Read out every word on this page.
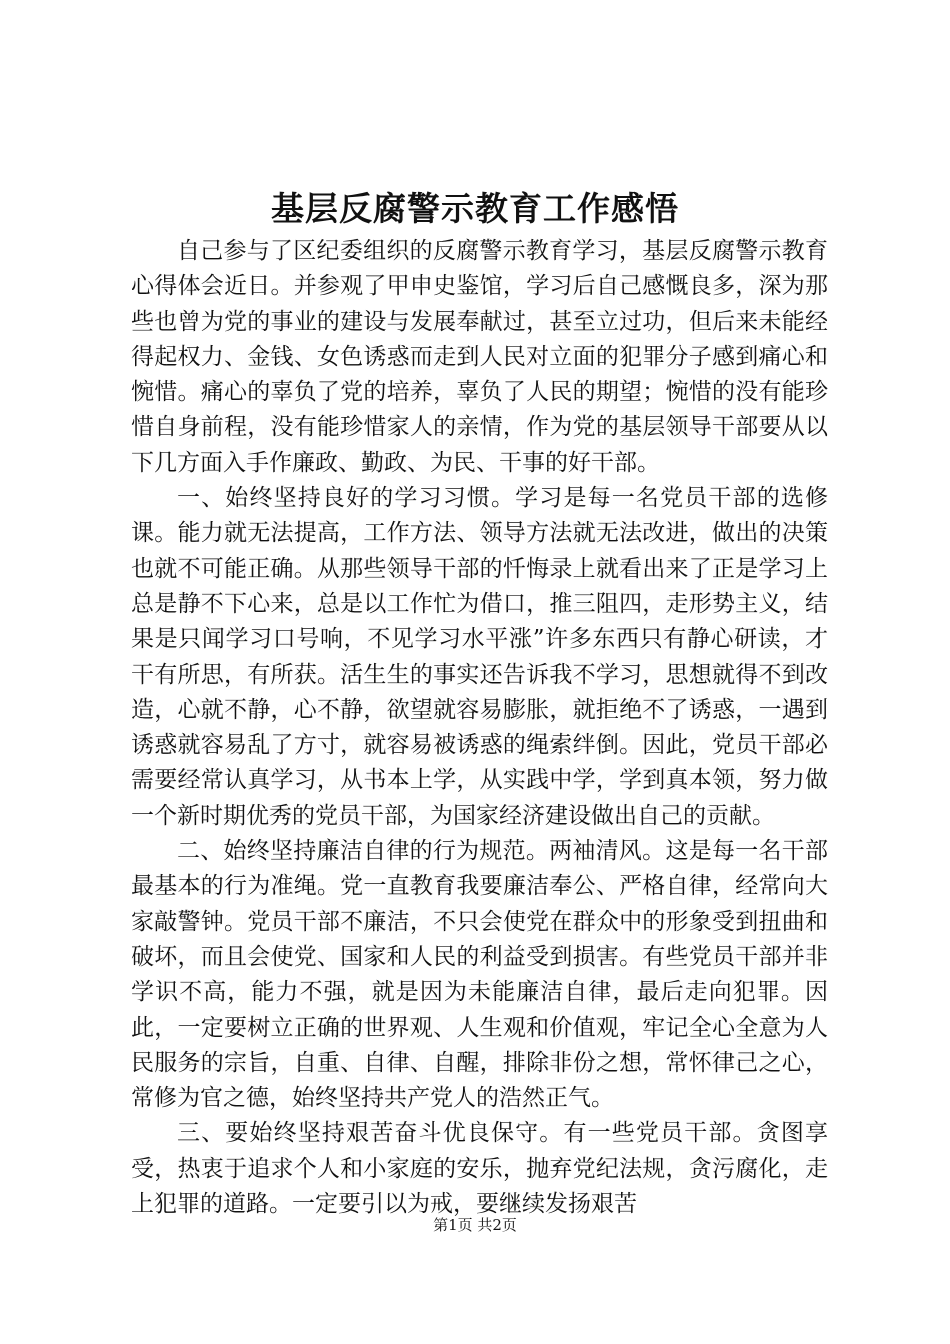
基层反腐警示教育工作感悟

自己参与了区纪委组织的反腐警示教育学习，基层反腐警示教育心得体会近日。并参观了甲申史鉴馆，学习后自己感慨良多，深为那些也曾为党的事业的建设与发展奉献过，甚至立过功，但后来未能经得起权力、金钱、女色诱惑而走到人民对立面的犯罪分子感到痛心和惋惜。痛心的辜负了党的培养，辜负了人民的期望；惋惜的没有能珍惜自身前程，没有能珍惜家人的亲情，作为党的基层领导干部要从以下几方面入手作廉政、勤政、为民、干事的好干部。

一、始终坚持良好的学习习惯。学习是每一名党员干部的选修课。能力就无法提高，工作方法、领导方法就无法改进，做出的决策也就不可能正确。从那些领导干部的忏悔录上就看出来了正是学习上总是静不下心来，总是以工作忙为借口，推三阻四，走形势主义，结果是只闻学习口号响，不见学习水平涨”许多东西只有静心研读，才干有所思，有所获。活生生的事实还告诉我不学习，思想就得不到改造，心就不静，心不静，欲望就容易膨胀，就拒绝不了诱惑，一遇到诱惑就容易乱了方寸，就容易被诱惑的绳索绊倒。因此，党员干部必需要经常认真学习，从书本上学，从实践中学，学到真本领，努力做一个新时期优秀的党员干部，为国家经济建设做出自己的贡献。

二、始终坚持廉洁自律的行为规范。两袖清风。这是每一名干部最基本的行为准绳。党一直教育我要廉洁奉公、严格自律，经常向大家敲警钟。党员干部不廉洁，不只会使党在群众中的形象受到扭曲和破坏，而且会使党、国家和人民的利益受到损害。有些党员干部并非学识不高，能力不强，就是因为未能廉洁自律，最后走向犯罪。因此，一定要树立正确的世界观、人生观和价值观，牢记全心全意为人民服务的宗旨，自重、自律、自醒，排除非份之想，常怀律己之心，常修为官之德，始终坚持共产党人的浩然正气。

三、要始终坚持艰苦奋斗优良保守。有一些党员干部。贪图享受，热衷于追求个人和小家庭的安乐，抛弃党纪法规，贪污腐化，走上犯罪的道路。一定要引以为戒，要继续发扬艰苦

第1页 共2页
